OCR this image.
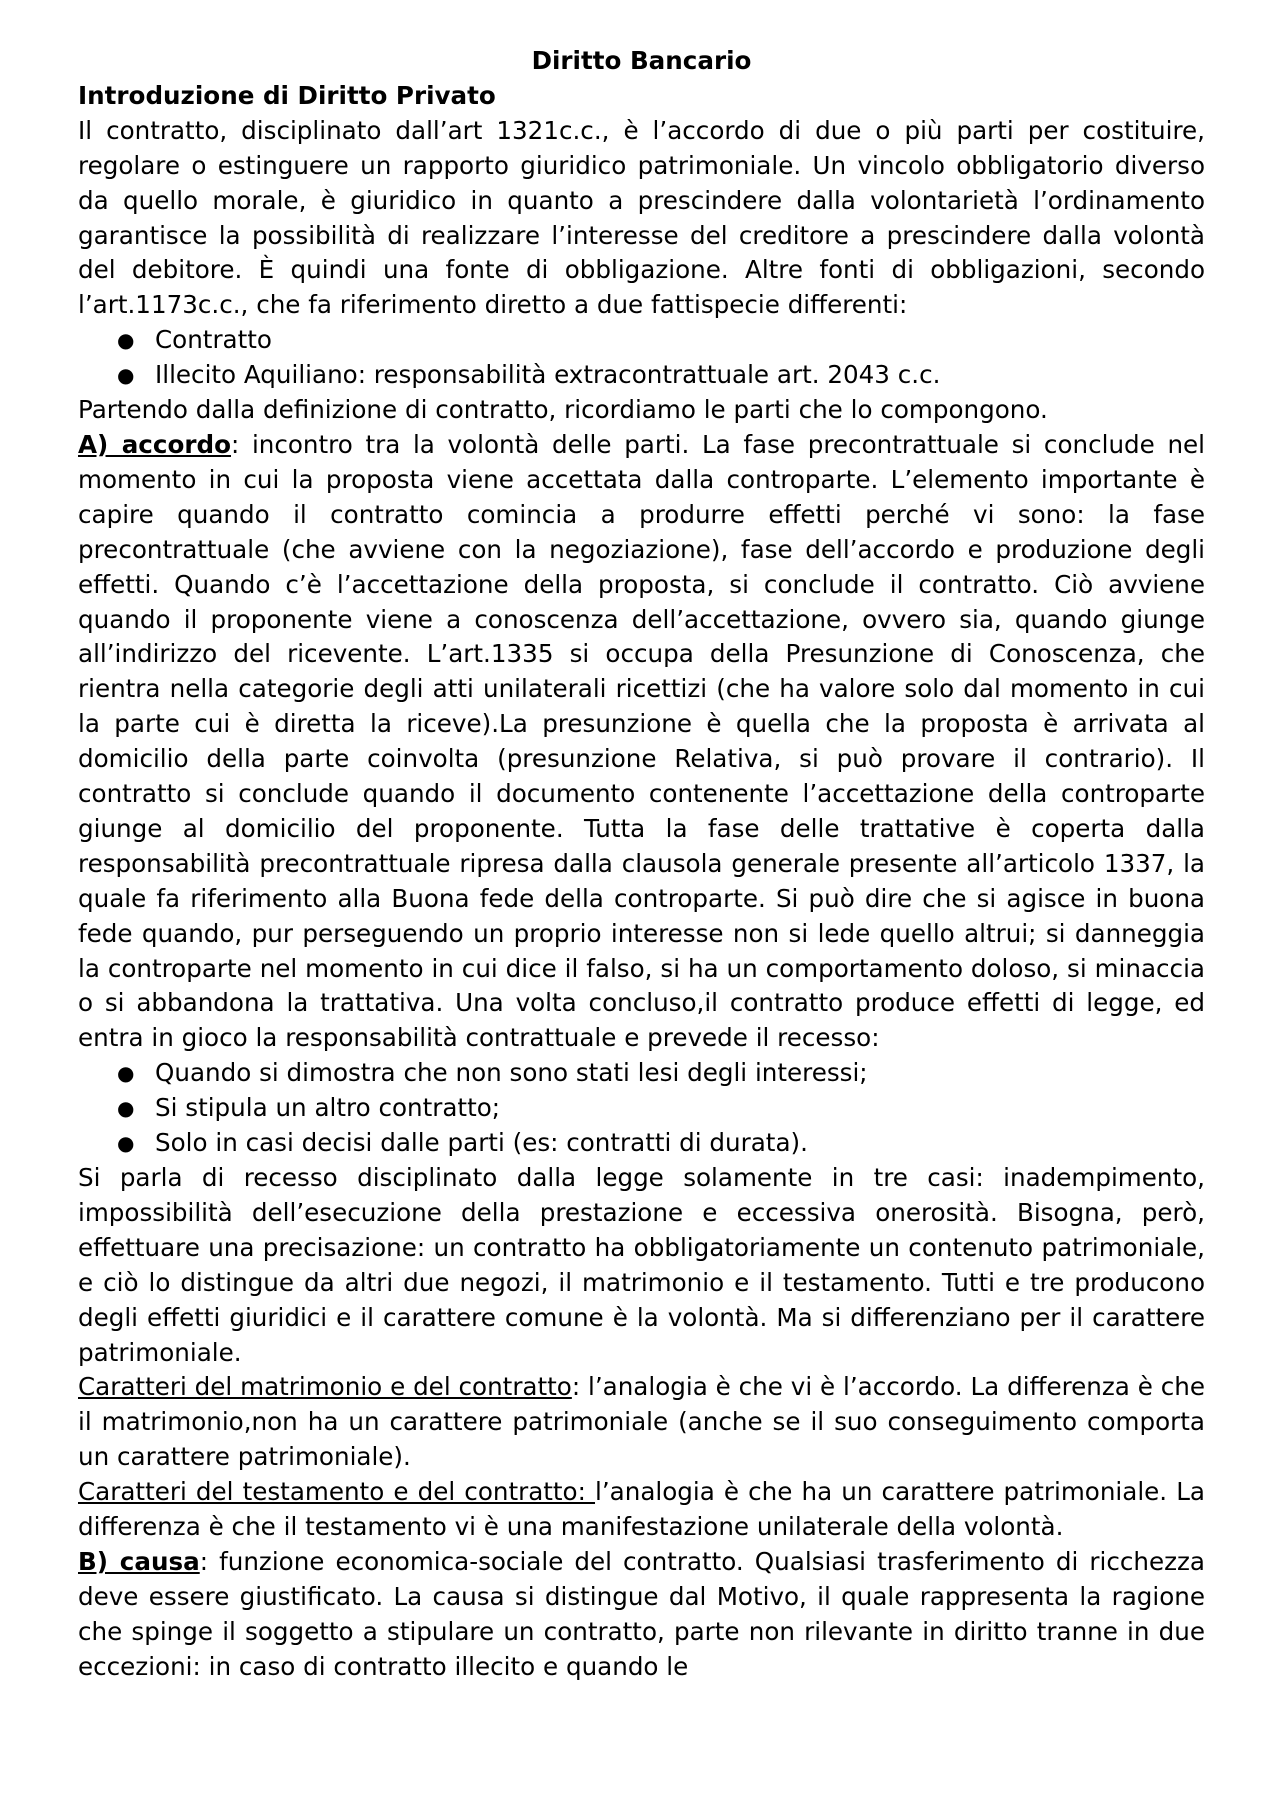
Diritto Bancario

Introduzione di Diritto Privato

Il contratto, disciplinato dall’art 1321c.c., è l’accordo di due o più parti per costituire, regolare o estinguere un rapporto giuridico patrimoniale. Un vincolo obbligatorio diverso da quello morale, è giuridico in quanto a prescindere dalla volontarietà l’ordinamento garantisce la possibilità di realizzare l’interesse del creditore a prescindere dalla volontà del debitore. È quindi una fonte di obbligazione. Altre fonti di obbligazioni, secondo l’art.1173c.c., che fa riferimento diretto a due fattispecie differenti:

● Contratto
● Illecito Aquiliano: responsabilità extracontrattuale art. 2043 c.c.

Partendo dalla definizione di contratto, ricordiamo le parti che lo compongono.

A) accordo: incontro tra la volontà delle parti. La fase precontrattuale si conclude nel momento in cui la proposta viene accettata dalla controparte. L’elemento importante è capire quando il contratto comincia a produrre effetti perché vi sono: la fase precontrattuale (che avviene con la negoziazione), fase dell’accordo e produzione degli effetti. Quando c’è l’accettazione della proposta, si conclude il contratto. Ciò avviene quando il proponente viene a conoscenza dell’accettazione, ovvero sia, quando giunge all’indirizzo del ricevente. L’art.1335 si occupa della Presunzione di Conoscenza, che rientra nella categorie degli atti unilaterali ricettizi (che ha valore solo dal momento in cui la parte cui è diretta la riceve).La presunzione è quella che la proposta è arrivata al domicilio della parte coinvolta (presunzione Relativa, si può provare il contrario). Il contratto si conclude quando il documento contenente l’accettazione della controparte giunge al domicilio del proponente. Tutta la fase delle trattative è coperta dalla responsabilità precontrattuale ripresa dalla clausola generale presente all’articolo 1337, la quale fa riferimento alla Buona fede della controparte. Si può dire che si agisce in buona fede quando, pur perseguendo un proprio interesse non si lede quello altrui; si danneggia la controparte nel momento in cui dice il falso, si ha un comportamento doloso, si minaccia o si abbandona la trattativa. Una volta concluso,il contratto produce effetti di legge, ed entra in gioco la responsabilità contrattuale e prevede il recesso:

● Quando si dimostra che non sono stati lesi degli interessi;
● Si stipula un altro contratto;
● Solo in casi decisi dalle parti (es: contratti di durata).

Si parla di recesso disciplinato dalla legge solamente in tre casi: inadempimento, impossibilità dell’esecuzione della prestazione e eccessiva onerosità. Bisogna, però, effettuare una precisazione: un contratto ha obbligatoriamente un contenuto patrimoniale, e ciò lo distingue da altri due negozi, il matrimonio e il testamento. Tutti e tre producono degli effetti giuridici e il carattere comune è la volontà. Ma si differenziano per il carattere patrimoniale.

Caratteri del matrimonio e del contratto: l’analogia è che vi è l’accordo. La differenza è che il matrimonio,non ha un carattere patrimoniale (anche se il suo conseguimento comporta un carattere patrimoniale).

Caratteri del testamento e del contratto: l’analogia è che ha un carattere patrimoniale. La differenza è che il testamento vi è una manifestazione unilaterale della volontà.

B) causa: funzione economica-sociale del contratto. Qualsiasi trasferimento di ricchezza deve essere giustificato. La causa si distingue dal Motivo, il quale rappresenta la ragione che spinge il soggetto a stipulare un contratto, parte non rilevante in diritto tranne in due eccezioni: in caso di contratto illecito e quando le
